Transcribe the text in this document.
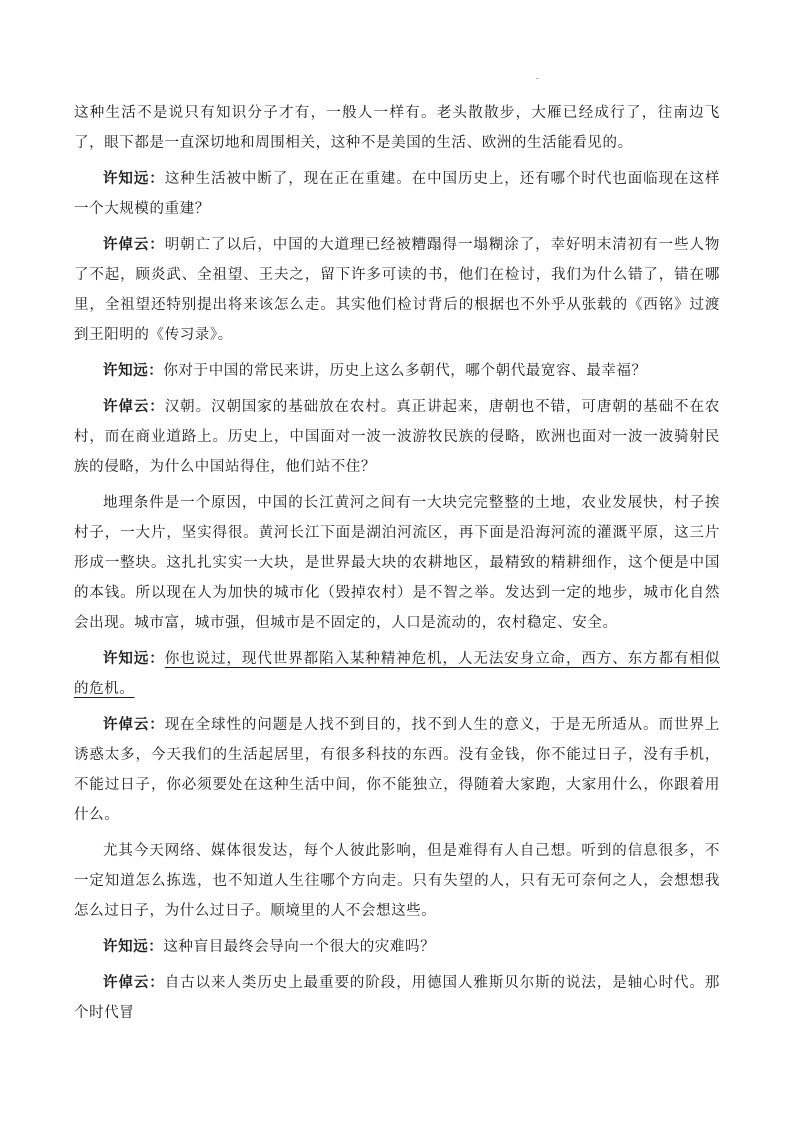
这种生活不是说只有知识分子才有，一般人一样有。老头散散步，大雁已经成行了，往南边飞了，眼下都是一直深切地和周围相关，这种不是美国的生活、欧洲的生活能看见的。

许知远：这种生活被中断了，现在正在重建。在中国历史上，还有哪个时代也面临现在这样一个大规模的重建？

许倬云：明朝亡了以后，中国的大道理已经被糟蹋得一塌糊涂了，幸好明末清初有一些人物了不起，顾炎武、全祖望、王夫之，留下许多可读的书，他们在检讨，我们为什么错了，错在哪里，全祖望还特别提出将来该怎么走。其实他们检讨背后的根据也不外乎从张载的《西铭》过渡到王阳明的《传习录》。

许知远：你对于中国的常民来讲，历史上这么多朝代，哪个朝代最宽容、最幸福？

许倬云：汉朝。汉朝国家的基础放在农村。真正讲起来，唐朝也不错，可唐朝的基础不在农村，而在商业道路上。历史上，中国面对一波一波游牧民族的侵略，欧洲也面对一波一波骑射民族的侵略，为什么中国站得住，他们站不住？

地理条件是一个原因，中国的长江黄河之间有一大块完完整整的土地，农业发展快，村子挨村子，一大片，坚实得很。黄河长江下面是湖泊河流区，再下面是沿海河流的灌溉平原，这三片形成一整块。这扎扎实实一大块，是世界最大块的农耕地区，最精致的精耕细作，这个便是中国的本钱。所以现在人为加快的城市化（毁掉农村）是不智之举。发达到一定的地步，城市化自然会出现。城市富，城市强，但城市是不固定的，人口是流动的，农村稳定、安全。

许知远：你也说过，现代世界都陷入某种精神危机，人无法安身立命，西方、东方都有相似的危机。

许倬云：现在全球性的问题是人找不到目的，找不到人生的意义，于是无所适从。而世界上诱惑太多，今天我们的生活起居里，有很多科技的东西。没有金钱，你不能过日子，没有手机，不能过日子，你必须要处在这种生活中间，你不能独立，得随着大家跑，大家用什么，你跟着用什么。

尤其今天网络、媒体很发达，每个人彼此影响，但是难得有人自己想。听到的信息很多，不一定知道怎么拣选，也不知道人生往哪个方向走。只有失望的人，只有无可奈何之人，会想想我怎么过日子，为什么过日子。顺境里的人不会想这些。

许知远：这种盲目最终会导向一个很大的灾难吗？

许倬云：自古以来人类历史上最重要的阶段，用德国人雅斯贝尔斯的说法，是轴心时代。那个时代冒
